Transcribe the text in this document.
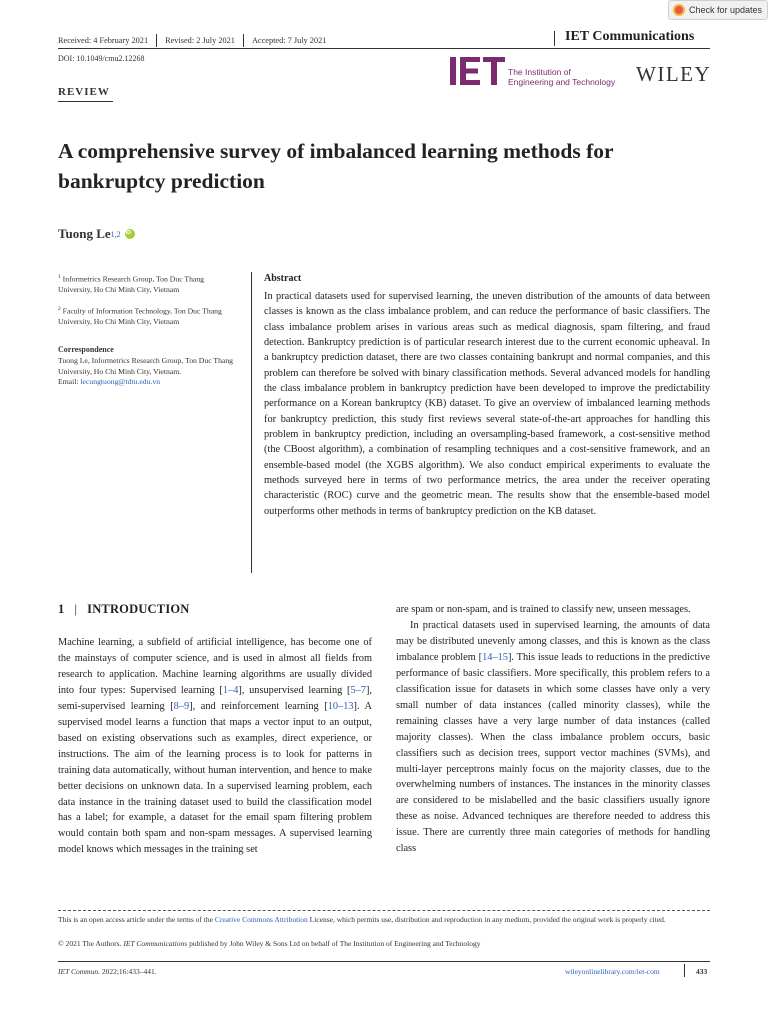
Check for updates
Received: 4 February 2021	Revised: 2 July 2021	Accepted: 7 July 2021	IET Communications
DOI: 10.1049/cmu2.12268
The Institution of
Engineering and Technology WILEY
REVIEW
A comprehensive survey of imbalanced learning methods for bankruptcy prediction
Tuong Le 1,2
iD
$^1$ Informetrics Research Group, Ton Duc Thang University, Ho Chi Minh City, Vietnam
$^2$ Faculty of Information Technology, Ton Duc Thang University, Ho Chi Minh City, Vietnam
Correspondence
Tuong Le, Informetrics Research Group, Ton Duc Thang University, Ho Chi Minh City, Vietnam.
Email: lecungtuong@tdtu.edu.vn
Abstract
In practical datasets used for supervised learning, the uneven distribution of the amounts of data between classes is known as the class imbalance problem, and can reduce the performance of basic classifiers. The class imbalance problem arises in various areas such as medical diagnosis, spam filtering, and fraud detection. Bankruptcy prediction is of particular research interest due to the current economic upheaval. In a bankruptcy prediction dataset, there are two classes containing bankrupt and normal companies, and this problem can therefore be solved with binary classification methods. Several advanced models for handling the class imbalance problem in bankruptcy prediction have been developed to improve the predictability performance on a Korean bankruptcy (KB) dataset. To give an overview of imbalanced learning methods for bankruptcy prediction, this study first reviews several state-of-the-art approaches for handling this problem in bankruptcy prediction, including an oversampling-based framework, a cost-sensitive method (the CBoost algorithm), a combination of resampling techniques and a cost-sensitive framework, and an ensemble-based model (the XGBS algorithm). We also conduct empirical experiments to evaluate the methods surveyed here in terms of two performance metrics, the area under the receiver operating characteristic (ROC) curve and the geometric mean. The results show that the ensemble-based model outperforms other methods in terms of bankruptcy prediction on the KB dataset.
1 | INTRODUCTION

Machine learning, a subfield of artificial intelligence, has become one of the mainstays of computer science, and is used in almost all fields from research to application. Machine learning algorithms are usually divided into four types: Supervised learning [1–4], unsupervised learning [5–7], semi-supervised learning [8–9], and reinforcement learning [10–13]. A supervised model learns a function that maps a vector input to an output, based on existing observations such as examples, direct experience, or instructions. The aim of the learning process is to look for patterns in training data automatically, without human intervention, and hence to make better decisions on unknown data. In a supervised learning problem, each data instance in the training dataset used to build the classification model has a label; for example, a dataset for the email spam filtering problem would contain both spam and non-spam messages. A supervised learning model knows which messages in the training set

are spam or non-spam, and is trained to classify new, unseen messages.

In practical datasets used in supervised learning, the amounts of data may be distributed unevenly among classes, and this is known as the class imbalance problem [14–15]. This issue leads to reductions in the predictive performance of basic classifiers. More specifically, this problem refers to a classification issue for datasets in which some classes have only a very small number of data instances (called minority classes), while the remaining classes have a very large number of data instances (called majority classes). When the class imbalance problem occurs, basic classifiers such as decision trees, support vector machines (SVMs), and multi-layer perceptrons mainly focus on the majority classes, due to the overwhelming numbers of instances. The instances in the minority classes are considered to be mislabelled and the basic classifiers usually ignore these as noise. Advanced techniques are therefore needed to address this issue. There are currently three main categories of methods for handling class

This is an open access article under the terms of the Creative Commons Attribution License, which permits use, distribution and reproduction in any medium, provided the original work is properly cited.
© 2021 The Authors. IET Communications published by John Wiley & Sons Ltd on behalf of The Institution of Engineering and Technology
IET Commun. 2022;16:433–441.	wileyonlinelibrary.com/iet-com	433
